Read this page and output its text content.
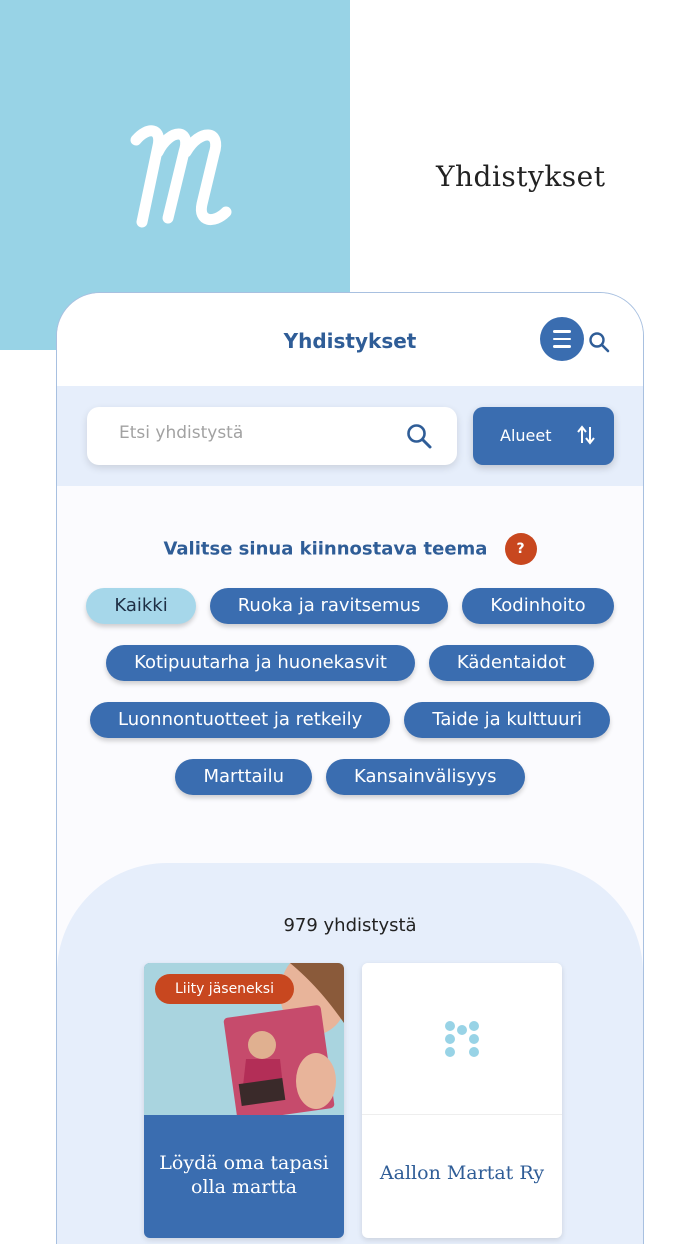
Yhdistykset
Yhdistykset
Etsi yhdistystä
Alueet
Valitse sinua kiinnostava teema ?
Kaikki	Ruoka ja ravitsemus	Kodinhoito
Kotipuutarha ja huonekasvit	Kädentaidot
Luonnontuotteet ja retkeily	Taide ja kulttuuri
Marttailu	Kansainvälisyys
979 yhdistystä
Liity jäseneksi
Löydä oma tapasi
olla martta
Aallon Martat Ry
